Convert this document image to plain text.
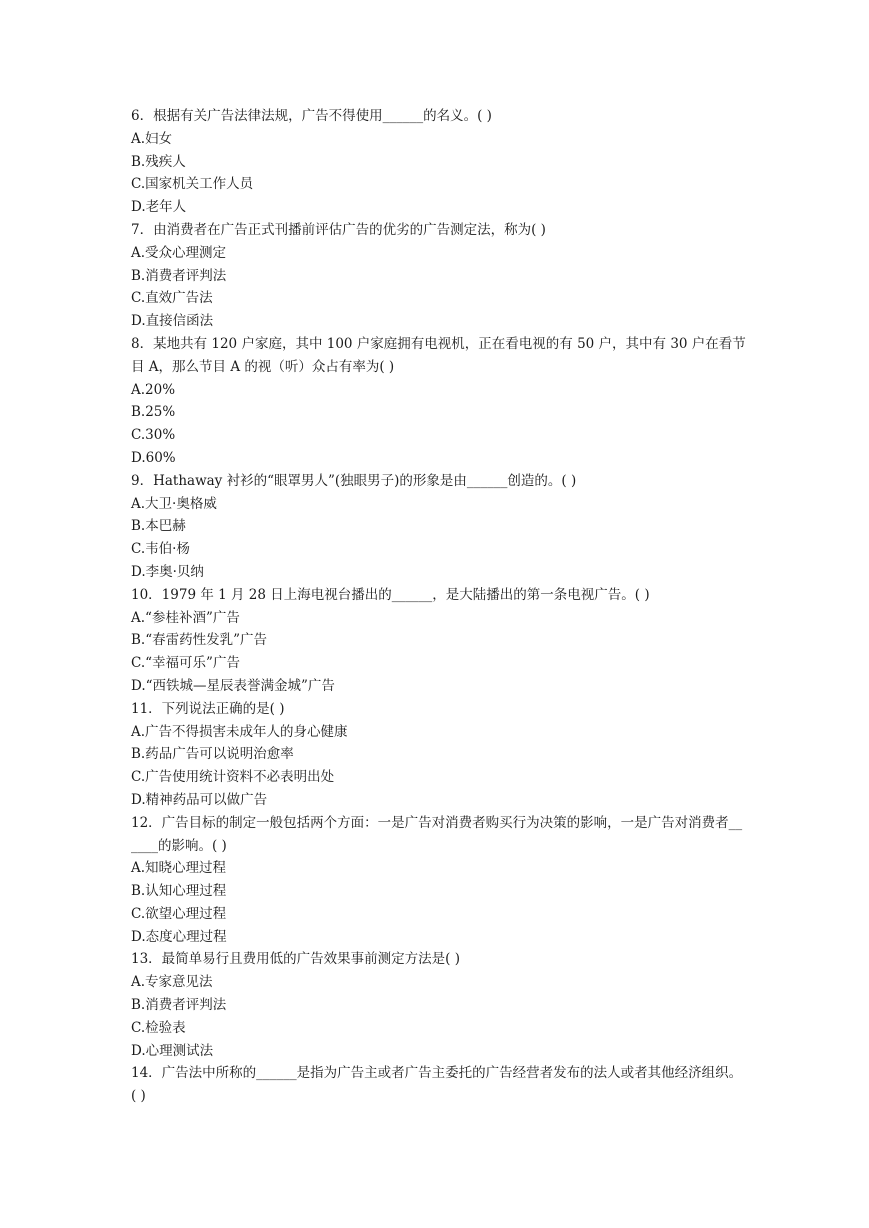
6．根据有关广告法律法规，广告不得使用______的名义。( )

A.妇女

B.残疾人

C.国家机关工作人员

D.老年人

7．由消费者在广告正式刊播前评估广告的优劣的广告测定法，称为( )

A.受众心理测定

B.消费者评判法

C.直效广告法

D.直接信函法

8．某地共有 120 户家庭，其中 100 户家庭拥有电视机，正在看电视的有 50 户，其中有 30 户在看节目 A，那么节目 A 的视（听）众占有率为( )

A.20%

B.25%

C.30%

D.60%

9．Hathaway 衬衫的“眼罩男人”(独眼男子)的形象是由______创造的。( )

A.大卫·奥格威

B.本巴赫

C.韦伯·杨

D.李奥·贝纳

10．1979 年 1 月 28 日上海电视台播出的______，是大陆播出的第一条电视广告。( )

A.“参桂补酒”广告

B.“春雷药性发乳”广告

C.“幸福可乐”广告

D.“西铁城—星辰表誉满金城”广告

11．下列说法正确的是( )

A.广告不得损害未成年人的身心健康

B.药品广告可以说明治愈率

C.广告使用统计资料不必表明出处

D.精神药品可以做广告

12．广告目标的制定一般包括两个方面：一是广告对消费者购买行为决策的影响，一是广告对消费者______的影响。( )

A.知晓心理过程

B.认知心理过程

C.欲望心理过程

D.态度心理过程

13．最简单易行且费用低的广告效果事前测定方法是( )

A.专家意见法

B.消费者评判法

C.检验表

D.心理测试法

14．广告法中所称的______是指为广告主或者广告主委托的广告经营者发布的法人或者其他经济组织。( )
